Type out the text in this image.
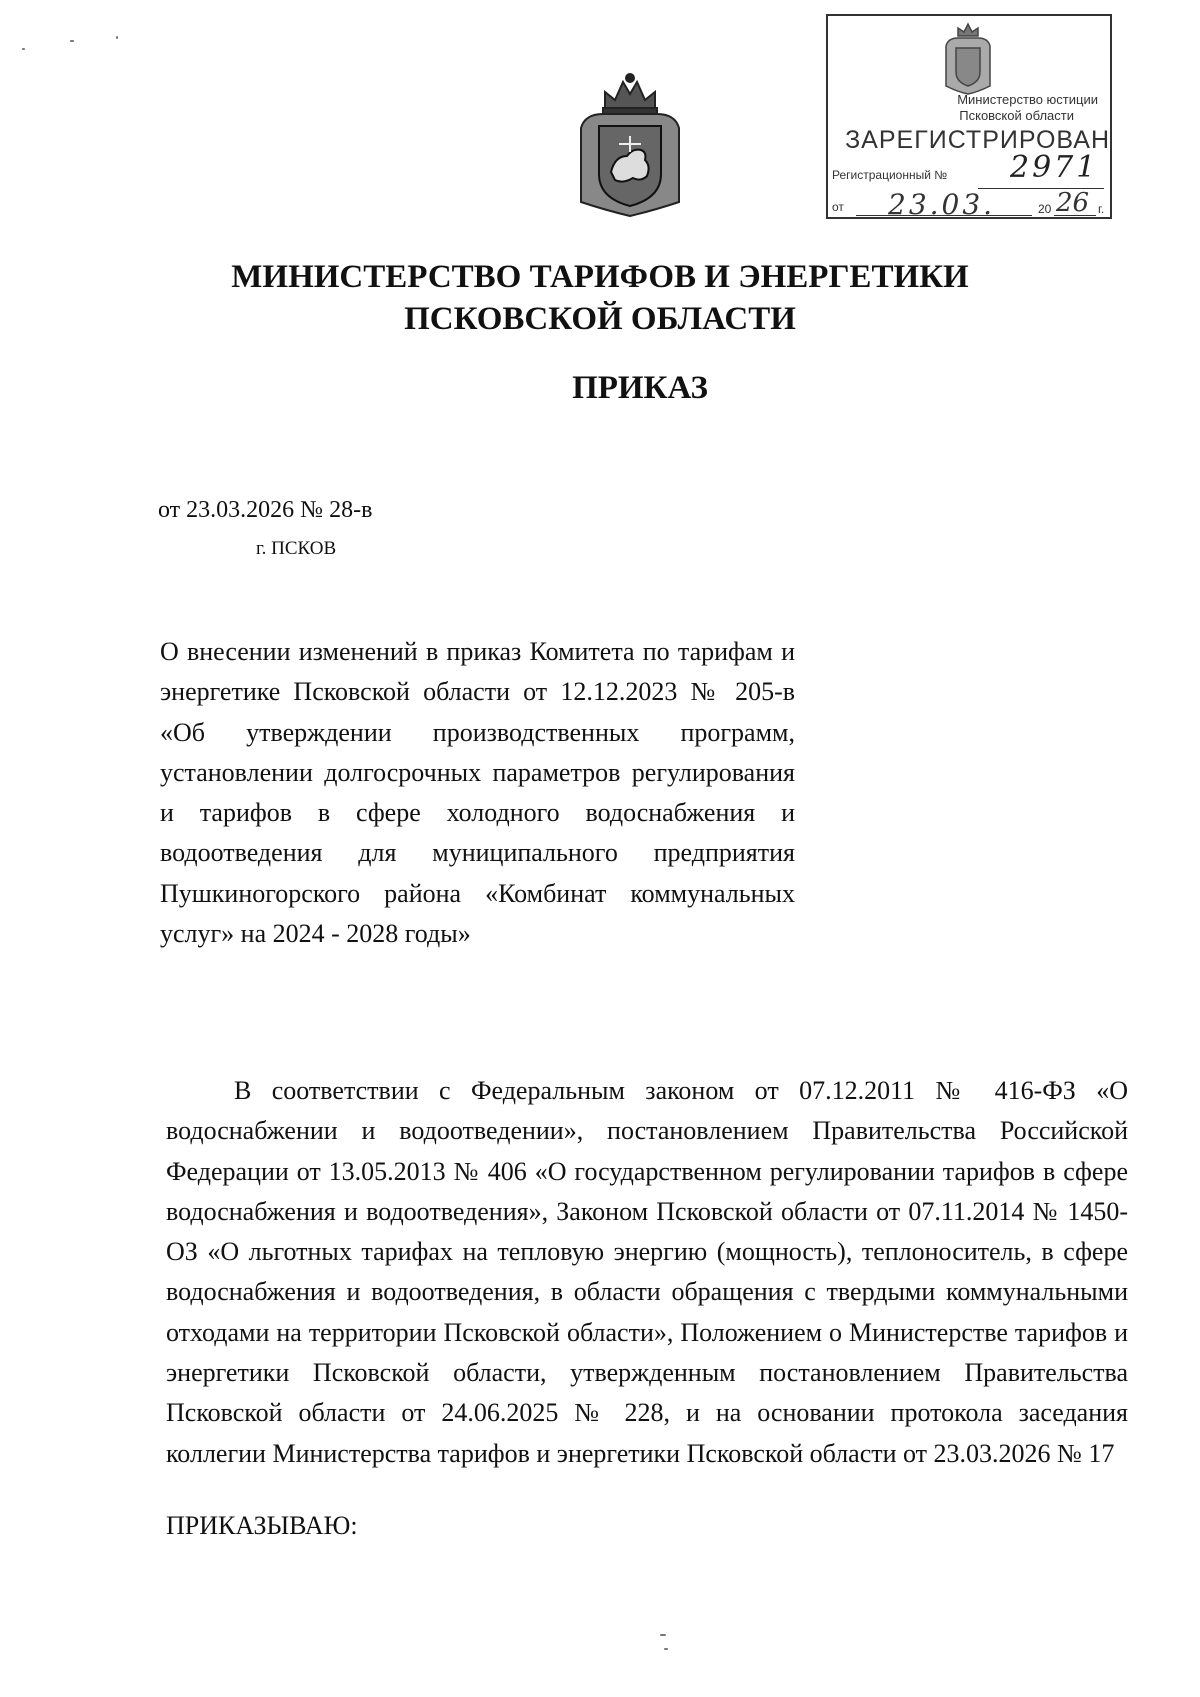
Министерство юстиции
Псковской области
ЗАРЕГИСТРИРОВАН
Регистрационный № 2971
от 23.03.	20 26 г.
МИНИСТЕРСТВО ТАРИФОВ И ЭНЕРГЕТИКИ
ПСКОВСКОЙ ОБЛАСТИ
ПРИКАЗ
от 23.03.2026 № 28-в
г. ПСКОВ

О внесении изменений в приказ Комитета по тарифам и энергетике Псковской области от 12.12.2023 № 205-в «Об утверждении производственных программ, установлении долгосрочных параметров регулирования и тарифов в сфере холодного водоснабжения и водоотведения для муниципального предприятия Пушкиногорского района «Комбинат коммунальных услуг» на 2024 - 2028 годы»

В соответствии с Федеральным законом от 07.12.2011 № 416-ФЗ «О водоснабжении и водоотведении», постановлением Правительства Российской Федерации от 13.05.2013 № 406 «О государственном регулировании тарифов в сфере водоснабжения и водоотведения», Законом Псковской области от 07.11.2014 № 1450-ОЗ «О льготных тарифах на тепловую энергию (мощность), теплоноситель, в сфере водоснабжения и водоотведения, в области обращения с твердыми коммунальными отходами на территории Псковской области», Положением о Министерстве тарифов и энергетики Псковской области, утвержденным постановлением Правительства Псковской области от 24.06.2025 № 228, и на основании протокола заседания коллегии Министерства тарифов и энергетики Псковской области от 23.03.2026 № 17

ПРИКАЗЫВАЮ:
